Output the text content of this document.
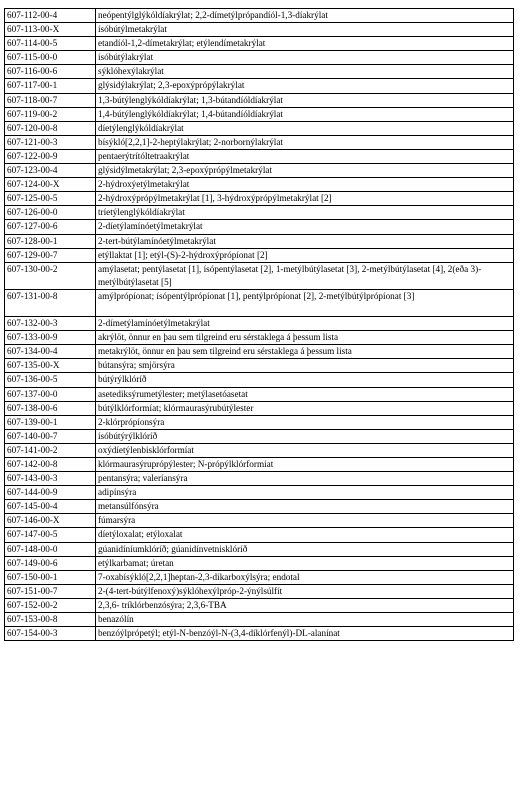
607-112-00-4	neópentýlglýkóldíakrýlat; 2,2-dímetýlprópandíól-1,3-díakrýlat
607-113-00-X	ísóbútýlmetakrýlat
607-114-00-5	etandíól-1,2-dímetakrýlat; etýlendímetakrýlat
607-115-00-0	ísóbútýlakrýlat
607-116-00-6	sýklóhexýlakrýlat
607-117-00-1	glýsidýlakrýlat; 2,3-epoxýprópýlakrýlat
607-118-00-7	1,3-bútýlenglýkóldíakrýlat; 1,3-bútandíóldíakrýlat
607-119-00-2	1,4-bútýlenglýkóldíakrýlat; 1,4-bútandíóldíakrýlat
607-120-00-8	díetýlenglýkóldíakrýlat
607-121-00-3	bísýkló[2,2,1]-2-heptýlakrýlat; 2-norbornýlakrýlat
607-122-00-9	pentaerýtrítóltetraakrýlat
607-123-00-4	glýsidýlmetakrýlat; 2,3-epoxýprópýlmetakrýlat
607-124-00-X	2-hýdroxýetýlmetakrýlat
607-125-00-5	2-hýdroxýprópýlmetakrýlat [1], 3-hýdroxýprópýlmetakrýlat [2]
607-126-00-0	tríetýlenglýkóldíakrýlat
607-127-00-6	2-díetýlamínóetýlmetakrýlat
607-128-00-1	2-tert-bútýlamínóetýlmetakrýlat
607-129-00-7	etýllaktat [1]; etýl-(S)-2-hýdroxýprópíonat [2]
607-130-00-2	amýlasetat; pentýlasetat [1], ísópentýlasetat [2], 1-metýlbútýlasetat [3], 2-metýlbútýlasetat [4], 2(eða 3)-metýlbútýlasetat [5]
607-131-00-8	amýlprópíonat; ísópentýlprópíonat [1], pentýlprópíonat [2], 2-metýlbútýlprópíonat [3]
607-132-00-3	2-dímetýlamínóetýlmetakrýlat
607-133-00-9	akrýlöt, önnur en þau sem tilgreind eru sérstaklega á þessum lista
607-134-00-4	metakrýlöt, önnur en þau sem tilgreind eru sérstaklega á þessum lista
607-135-00-X	bútansýra; smjörsýra
607-136-00-5	bútýrýlklóríð
607-137-00-0	asetediksýrumetýlester; metýlasetóasetat
607-138-00-6	bútýlklórformíat; klórmaurasýrubútýlester
607-139-00-1	2-klórprópíonsýra
607-140-00-7	ísóbútýrýlklóríð
607-141-00-2	oxýdíetýlenbisklórformíat
607-142-00-8	klórmaurasýruprópýlester; N-própýlklórformíat
607-143-00-3	pentansýra; valeríansýra
607-144-00-9	adipínsýra
607-145-00-4	metansúlfónsýra
607-146-00-X	fúmarsýra
607-147-00-5	díetýloxalat; etýloxalat
607-148-00-0	gúanidíníumklóríð; gúanidínvetnisklóríð
607-149-00-6	etýlkarbamat; úretan
607-150-00-1	7-oxabísýkló[2,2,1]heptan-2,3-díkarboxýlsýra; endotal
607-151-00-7	2-(4-tert-bútýlfenoxý)sýklóhexýlpróp-2-ýnýlsúlfít
607-152-00-2	2,3,6- tríklórbenzósýra; 2,3,6-TBA
607-153-00-8	benazólín
607-154-00-3	benzóýlprópetýl; etýl-N-benzóýl-N-(3,4-díklórfenýl)-DL-alanínat
